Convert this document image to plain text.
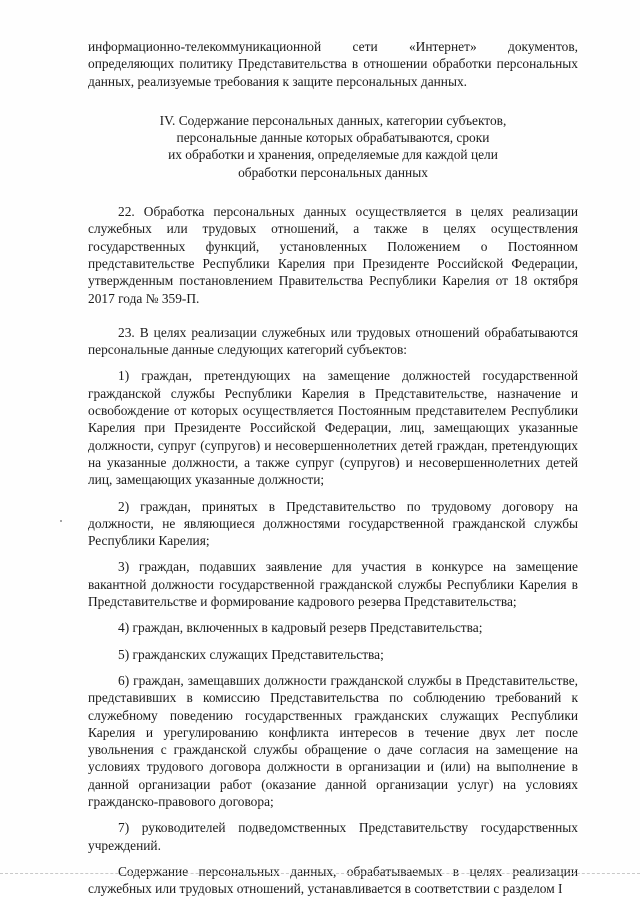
информационно-телекоммуникационной сети «Интернет» документов, определяющих политику Представительства в отношении обработки персональных данных, реализуемые требования к защите персональных данных.

IV. Содержание персональных данных, категории субъектов,
персональные данные которых обрабатываются, сроки
их обработки и хранения, определяемые для каждой цели
обработки персональных данных

22. Обработка персональных данных осуществляется в целях реализации служебных или трудовых отношений, а также в целях осуществления государственных функций, установленных Положением о Постоянном представительстве Республики Карелия при Президенте Российской Федерации, утвержденным постановлением Правительства Республики Карелия от 18 октября 2017 года № 359-П.

23. В целях реализации служебных или трудовых отношений обрабатываются персональные данные следующих категорий субъектов:

1) граждан, претендующих на замещение должностей государственной гражданской службы Республики Карелия в Представительстве, назначение и освобождение от которых осуществляется Постоянным представителем Республики Карелия при Президенте Российской Федерации, лиц, замещающих указанные должности, супруг (супругов) и несовершеннолетних детей граждан, претендующих на указанные должности, а также супруг (супругов) и несовершеннолетних детей лиц, замещающих указанные должности;

2) граждан, принятых в Представительство по трудовому договору на должности, не являющиеся должностями государственной гражданской службы Республики Карелия;

3) граждан, подавших заявление для участия в конкурсе на замещение вакантной должности государственной гражданской службы Республики Карелия в Представительстве и формирование кадрового резерва Представительства;

4) граждан, включенных в кадровый резерв Представительства;

5) гражданских служащих Представительства;

6) граждан, замещавших должности гражданской службы в Представительстве, представивших в комиссию Представительства по соблюдению требований к служебному поведению государственных гражданских служащих Республики Карелия и урегулированию конфликта интересов в течение двух лет после увольнения с гражданской службы обращение о даче согласия на замещение на условиях трудового договора должности в организации и (или) на выполнение в данной организации работ (оказание данной организации услуг) на условиях гражданско-правового договора;

7) руководителей подведомственных Представительству государственных учреждений.

Содержание персональных данных, обрабатываемых в целях реализации служебных или трудовых отношений, устанавливается в соответствии с разделом I
